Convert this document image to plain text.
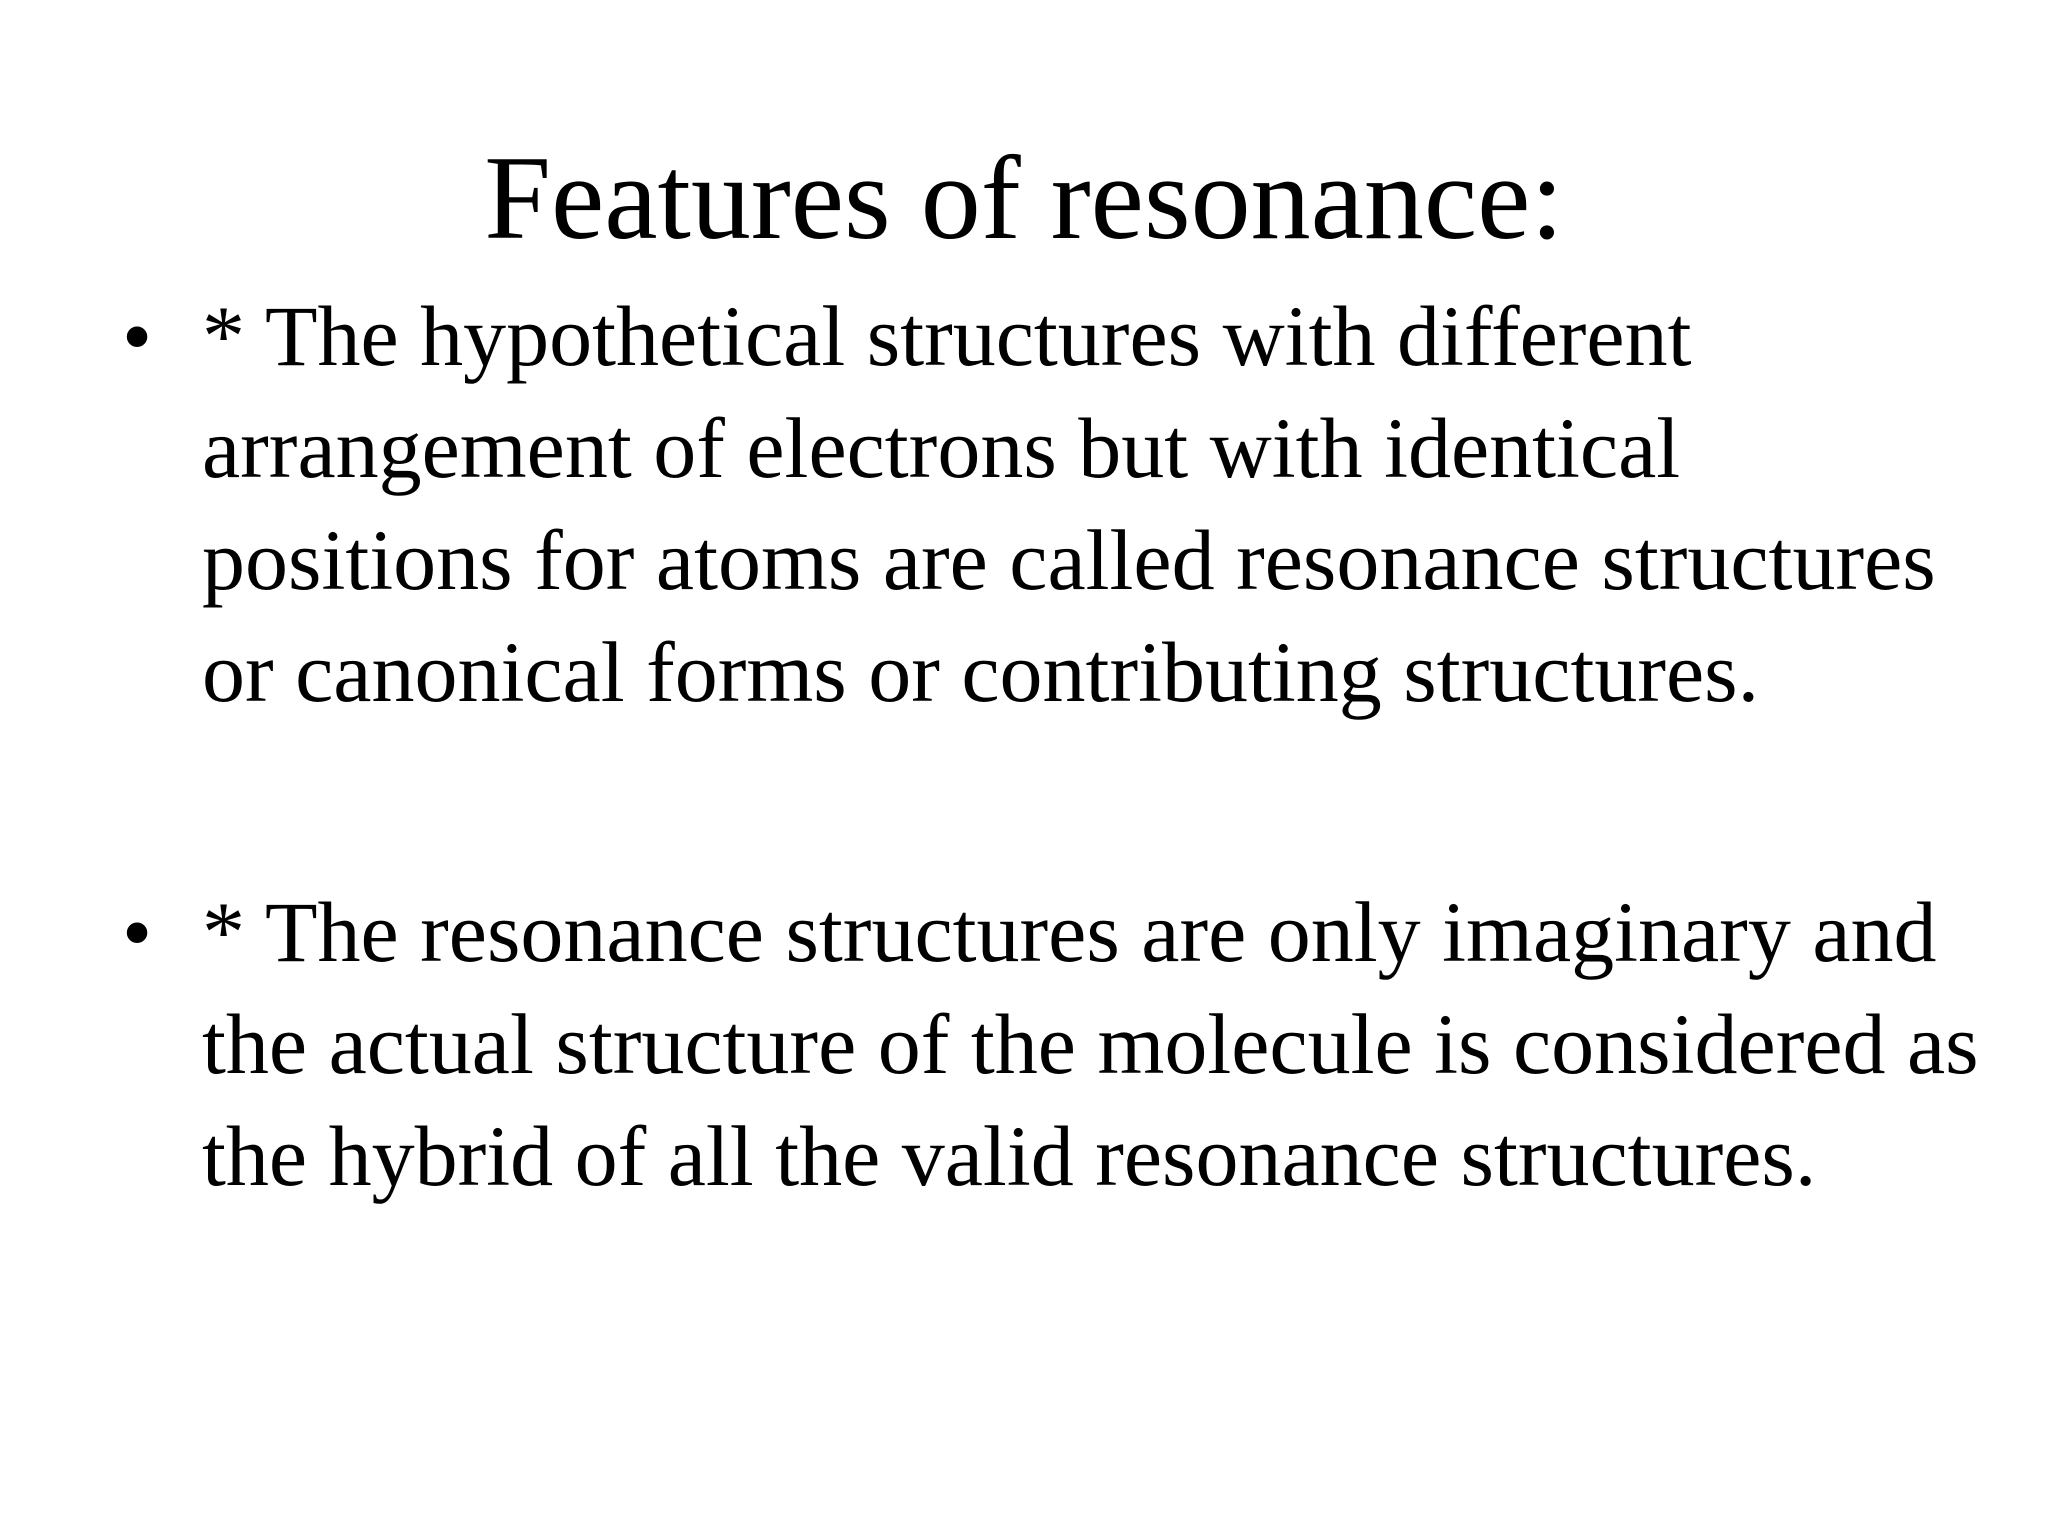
Features of resonance:
• * The hypothetical structures with different arrangement of electrons but with identical positions for atoms are called resonance structures or canonical forms or contributing structures.
• * The resonance structures are only imaginary and the actual structure of the molecule is considered as the hybrid of all the valid resonance structures.
